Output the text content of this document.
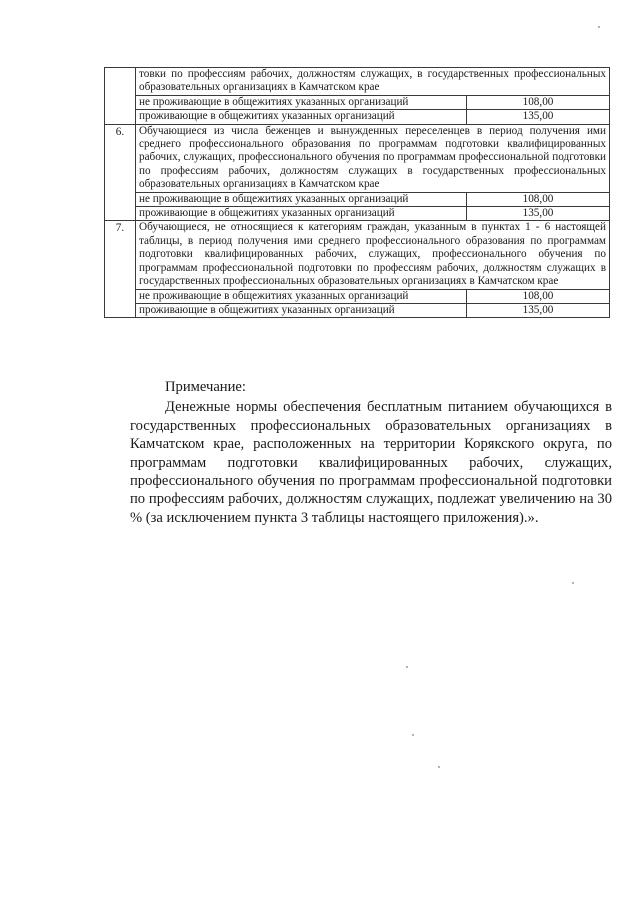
	товки по профессиям рабочих, должностям служащих, в государственных профессиональных образовательных организациях в Камчатском крае	
	не проживающие в общежитиях указанных организаций	108,00
	проживающие в общежитиях указанных организаций	135,00
6.	Обучающиеся из числа беженцев и вынужденных переселенцев в период получения ими среднего профессионального образования по программам подготовки квалифицированных рабочих, служащих, профессионального обучения по программам профессиональной подготовки по профессиям рабочих, должностям служащих в государственных профессиональных образовательных организациях в Камчатском крае	
	не проживающие в общежитиях указанных организаций	108,00
	проживающие в общежитиях указанных организаций	135,00
7.	Обучающиеся, не относящиеся к категориям граждан, указанным в пунктах 1 - 6 настоящей таблицы, в период получения ими среднего профессионального образования по программам подготовки квалифицированных рабочих, служащих, профессионального обучения по программам профессиональной подготовки по профессиям рабочих, должностям служащих в государственных профессиональных образовательных организациях в Камчатском крае	
	не проживающие в общежитиях указанных организаций	108,00
	проживающие в общежитиях указанных организаций	135,00

Примечание:

Денежные нормы обеспечения бесплатным питанием обучающихся в государственных профессиональных образовательных организациях в Камчатском крае, расположенных на территории Корякского округа, по программам подготовки квалифицированных рабочих, служащих, профессионального обучения по программам профессиональной подготовки по профессиям рабочих, должностям служащих, подлежат увеличению на 30 % (за исключением пункта 3 таблицы настоящего приложения).».
